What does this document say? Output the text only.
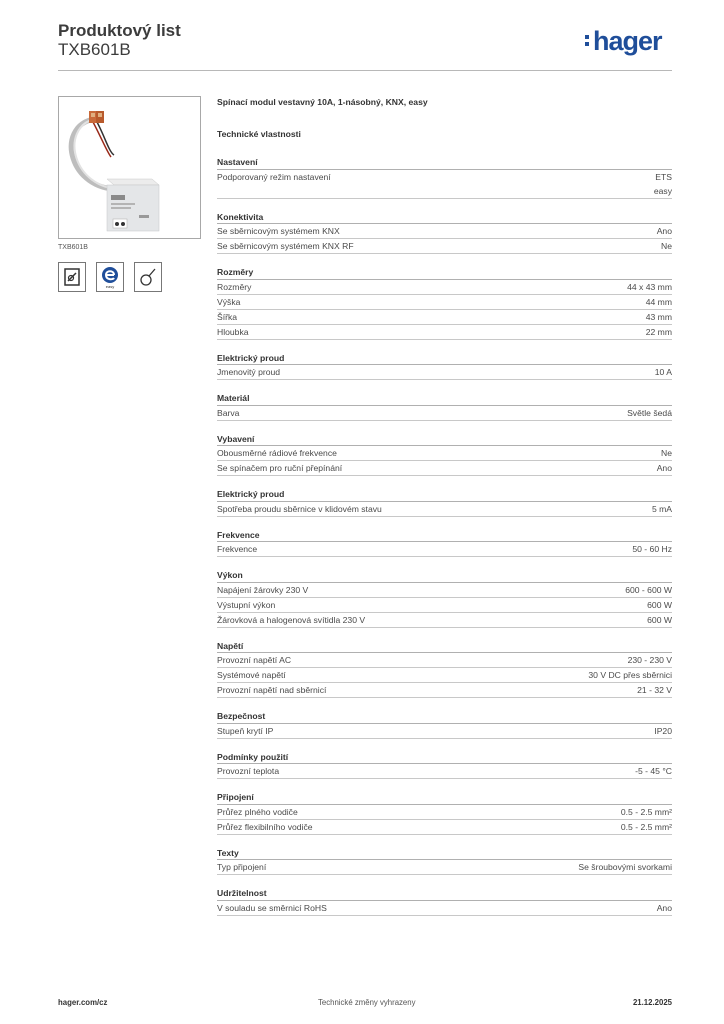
Produktový list
TXB601B	hager
TXB601B
easy
Spínací modul vestavný 10A, 1-násobný, KNX, easy
Technické vlastnosti
Nastavení
Podporovaný režim nastavení	ETS
easy
Konektivita
Se sběrnicovým systémem KNX	Ano
Se sběrnicovým systémem KNX RF	Ne
Rozměry
Rozměry	44 x 43 mm
Výška	44 mm
Šířka	43 mm
Hloubka	22 mm
Elektrický proud
Jmenovitý proud	10 A
Materiál
Barva	Světle šedá
Vybavení
Obousměrné rádiové frekvence	Ne
Se spínačem pro ruční přepínání	Ano
Elektrický proud
Spotřeba proudu sběrnice v klidovém stavu	5 mA
Frekvence
Frekvence	50 - 60 Hz
Výkon
Napájení žárovky 230 V	600 - 600 W
Výstupní výkon	600 W
Žárovková a halogenová svítidla 230 V	600 W
Napětí
Provozní napětí AC	230 - 230 V
Systémové napětí	30 V DC přes sběrnici
Provozní napětí nad sběrnicí	21 - 32 V
Bezpečnost
Stupeň krytí IP	IP20
Podmínky použití
Provozní teplota	-5 - 45 °C
Připojení
Průřez plného vodiče	0.5 - 2.5 mm²
Průřez flexibilního vodiče	0.5 - 2.5 mm²
Texty
Typ připojení	Se šroubovými svorkami
Udržitelnost
V souladu se směrnicí RoHS	Ano
hager.com/cz	Technické změny vyhrazeny	21.12.2025
